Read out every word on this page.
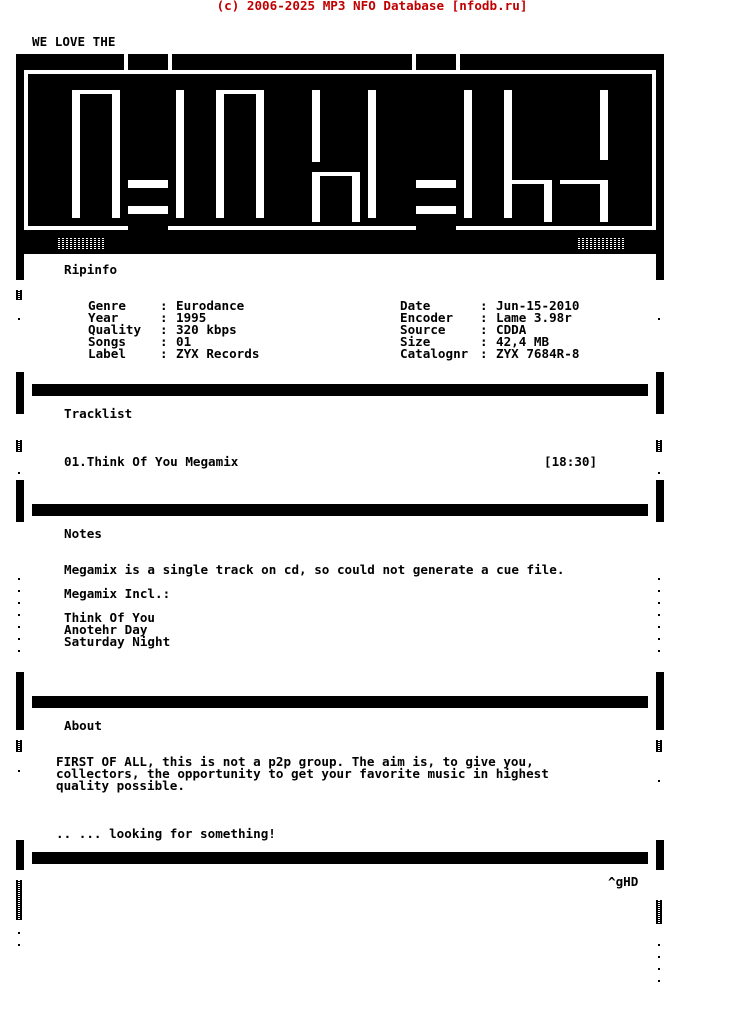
(c) 2006-2025 MP3 NFO Database [nfodb.ru]
WE LOVE THE
Ripinfo
Genre
Year
Quality
Songs
Label
:
:
:
:
:
Eurodance
1995
320 kbps
01
ZYX Records
Date
Encoder
Source
Size
Catalognr
:
:
:
:
:
Jun-15-2010
Lame 3.98r
CDDA
42,4 MB
ZYX 7684R-8
Tracklist
01.Think Of You Megamix	[18:30]
Notes
Megamix is a single track on cd, so could not generate a cue file.
Megamix Incl.:
Think Of You
Anotehr Day
Saturday Night
About
FIRST OF ALL, this is not a p2p group. The aim is, to give you,
collectors, the opportunity to get your favorite music in highest
quality possible.
.. ... looking for something!
^gHD
